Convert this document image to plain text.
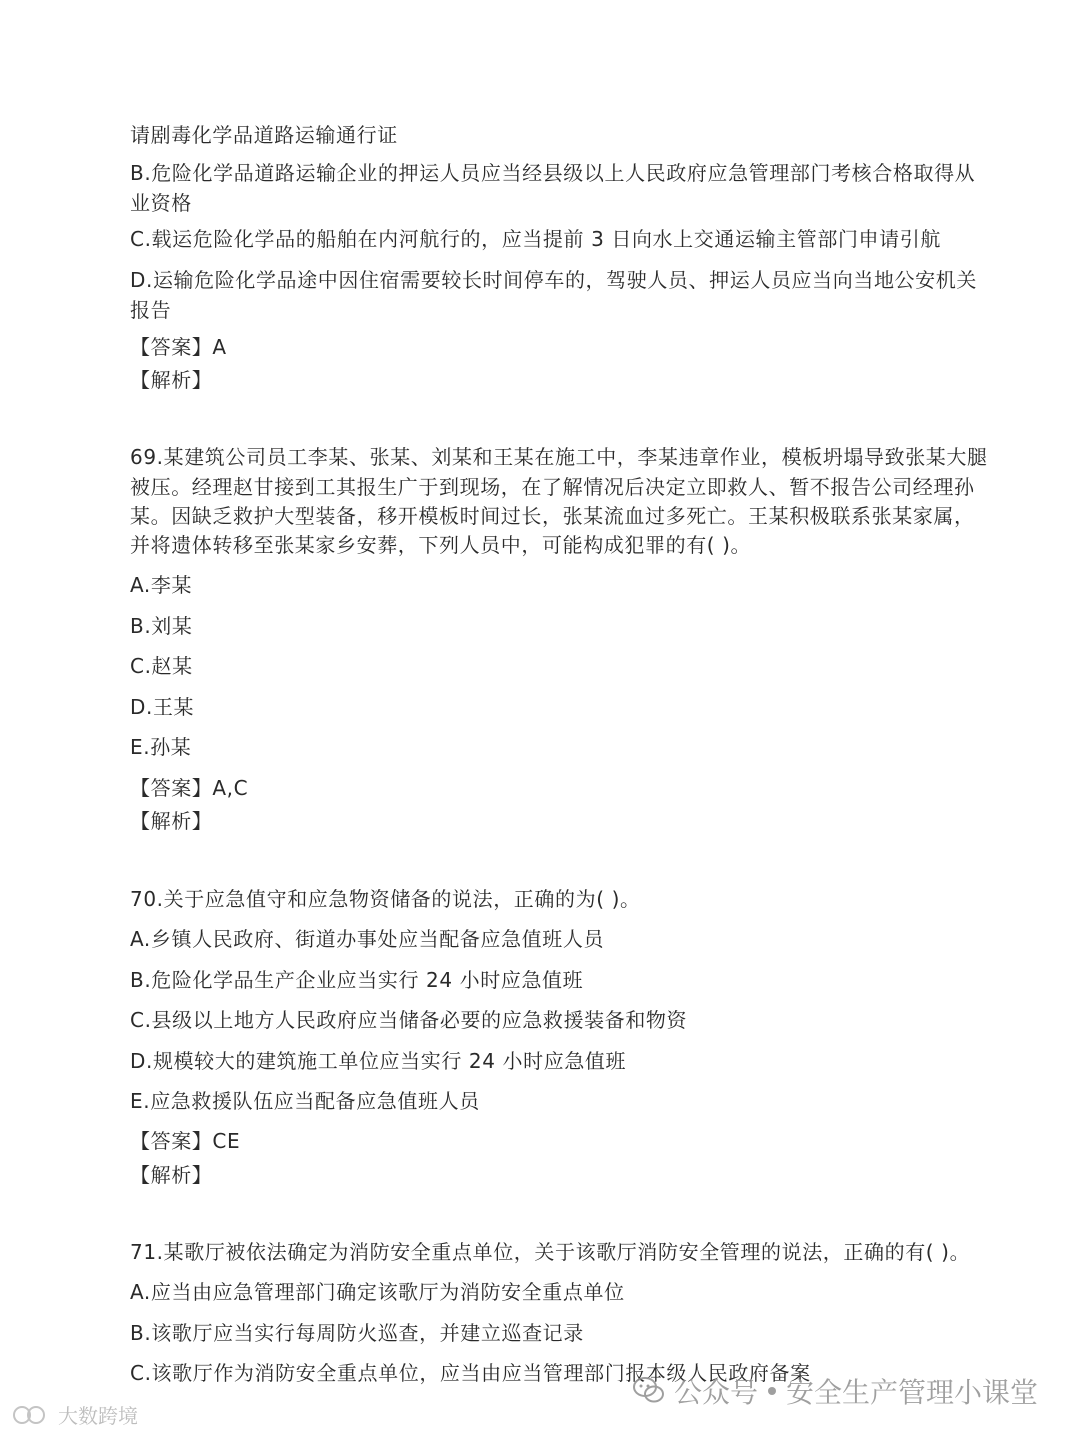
请剧毒化学品道路运输通行证
B.危险化学品道路运输企业的押运人员应当经县级以上人民政府应急管理部门考核合格取得从
业资格
C.载运危险化学品的船舶在内河航行的，应当提前 3 日向水上交通运输主管部门申请引航
D.运输危险化学品途中因住宿需要较长时间停车的，驾驶人员、押运人员应当向当地公安机关
报告
【答案】A
【解析】
69.某建筑公司员工李某、张某、刘某和王某在施工中，李某违章作业，模板坍塌导致张某大腿
被压。经理赵甘接到工其报生广于到现场，在了解情况后决定立即救人、暂不报告公司经理孙
某。因缺乏救护大型装备，移开模板时间过长，张某流血过多死亡。王某积极联系张某家属，
并将遗体转移至张某家乡安葬，下列人员中，可能构成犯罪的有( )。
A.李某
B.刘某
C.赵某
D.王某
E.孙某
【答案】A,C
【解析】
70.关于应急值守和应急物资储备的说法，正确的为( )。
A.乡镇人民政府、街道办事处应当配备应急值班人员
B.危险化学品生产企业应当实行 24 小时应急值班
C.县级以上地方人民政府应当储备必要的应急救援装备和物资
D.规模较大的建筑施工单位应当实行 24 小时应急值班
E.应急救援队伍应当配备应急值班人员
【答案】CE
【解析】
71.某歌厅被依法确定为消防安全重点单位，关于该歌厅消防安全管理的说法，正确的有( )。
A.应当由应急管理部门确定该歌厅为消防安全重点单位
B.该歌厅应当实行每周防火巡查，并建立巡查记录
C.该歌厅作为消防安全重点单位，应当由应当管理部门报本级人民政府备案
大数跨境
公众号 安全生产管理小课堂
